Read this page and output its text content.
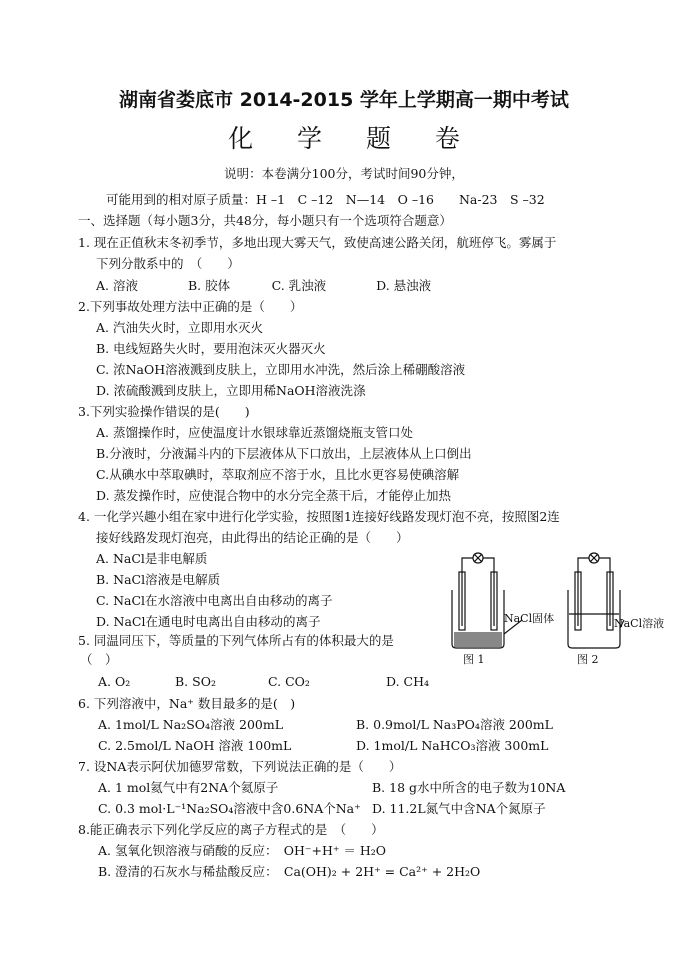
湖南省娄底市 2014-2015 学年上学期高一期中考试
化 学 题 卷
说明：本卷满分100分，考试时间90分钟，
可能用到的相对原子质量：H –1　C –12　N—14　O –16　　Na-23　S –32
一、选择题（每小题3分，共48分，每小题只有一个选项符合题意）
1. 现在正值秋末冬初季节，多地出现大雾天气，致使高速公路关闭，航班停飞。雾属于
下列分散系中的　（　　）
A. 溶液　　　　B. 胶体　　　 C. 乳浊液　　　　D. 悬浊液
2.下列事故处理方法中正确的是（　　）
A. 汽油失火时，立即用水灭火
B. 电线短路失火时，要用泡沫灭火器灭火
C. 浓NaOH溶液溅到皮肤上，立即用水冲洗，然后涂上稀硼酸溶液
D. 浓硫酸溅到皮肤上，立即用稀NaOH溶液洗涤
3.下列实验操作错误的是(　　)
A. 蒸馏操作时，应使温度计水银球靠近蒸馏烧瓶支管口处
B.分液时，分液漏斗内的下层液体从下口放出，上层液体从上口倒出
C.从碘水中萃取碘时，萃取剂应不溶于水，且比水更容易使碘溶解
D. 蒸发操作时，应使混合物中的水分完全蒸干后，才能停止加热
4. 一化学兴趣小组在家中进行化学实验，按照图1连接好线路发现灯泡不亮，按照图2连
接好线路发现灯泡亮，由此得出的结论正确的是（　　）
A. NaCl是非电解质
B. NaCl溶液是电解质
C. NaCl在水溶液中电离出自由移动的离子
D. NaCl在通电时电离出自由移动的离子	NaCl固体	NaCl溶液
图 1	图 2
5. 同温同压下，等质量的下列气体所占有的体积最大的是
（　）
A. O₂	B. SO₂	C. CO₂	D. CH₄
6. 下列溶液中，Na⁺ 数目最多的是(　)
A. 1mol/L Na₂SO₄溶液 200mL	B. 0.9mol/L Na₃PO₄溶液 200mL
C. 2.5mol/L NaOH 溶液 100mL	D. 1mol/L NaHCO₃溶液 300mL
7. 设NA表示阿伏加德罗常数，下列说法正确的是（　　）
A. 1 mol氦气中有2NA个氦原子	B. 18 g水中所含的电子数为10NA
C. 0.3 mol·L⁻¹Na₂SO₄溶液中含0.6NA个Na⁺ D. 11.2L氮气中含NA个氮原子
8.能正确表示下列化学反应的离子方程式的是　（　　）
A. 氢氧化钡溶液与硝酸的反应：　OH⁻+H⁺ ＝ H₂O
B. 澄清的石灰水与稀盐酸反应：　Ca(OH)₂ + 2H⁺ = Ca²⁺ + 2H₂O
